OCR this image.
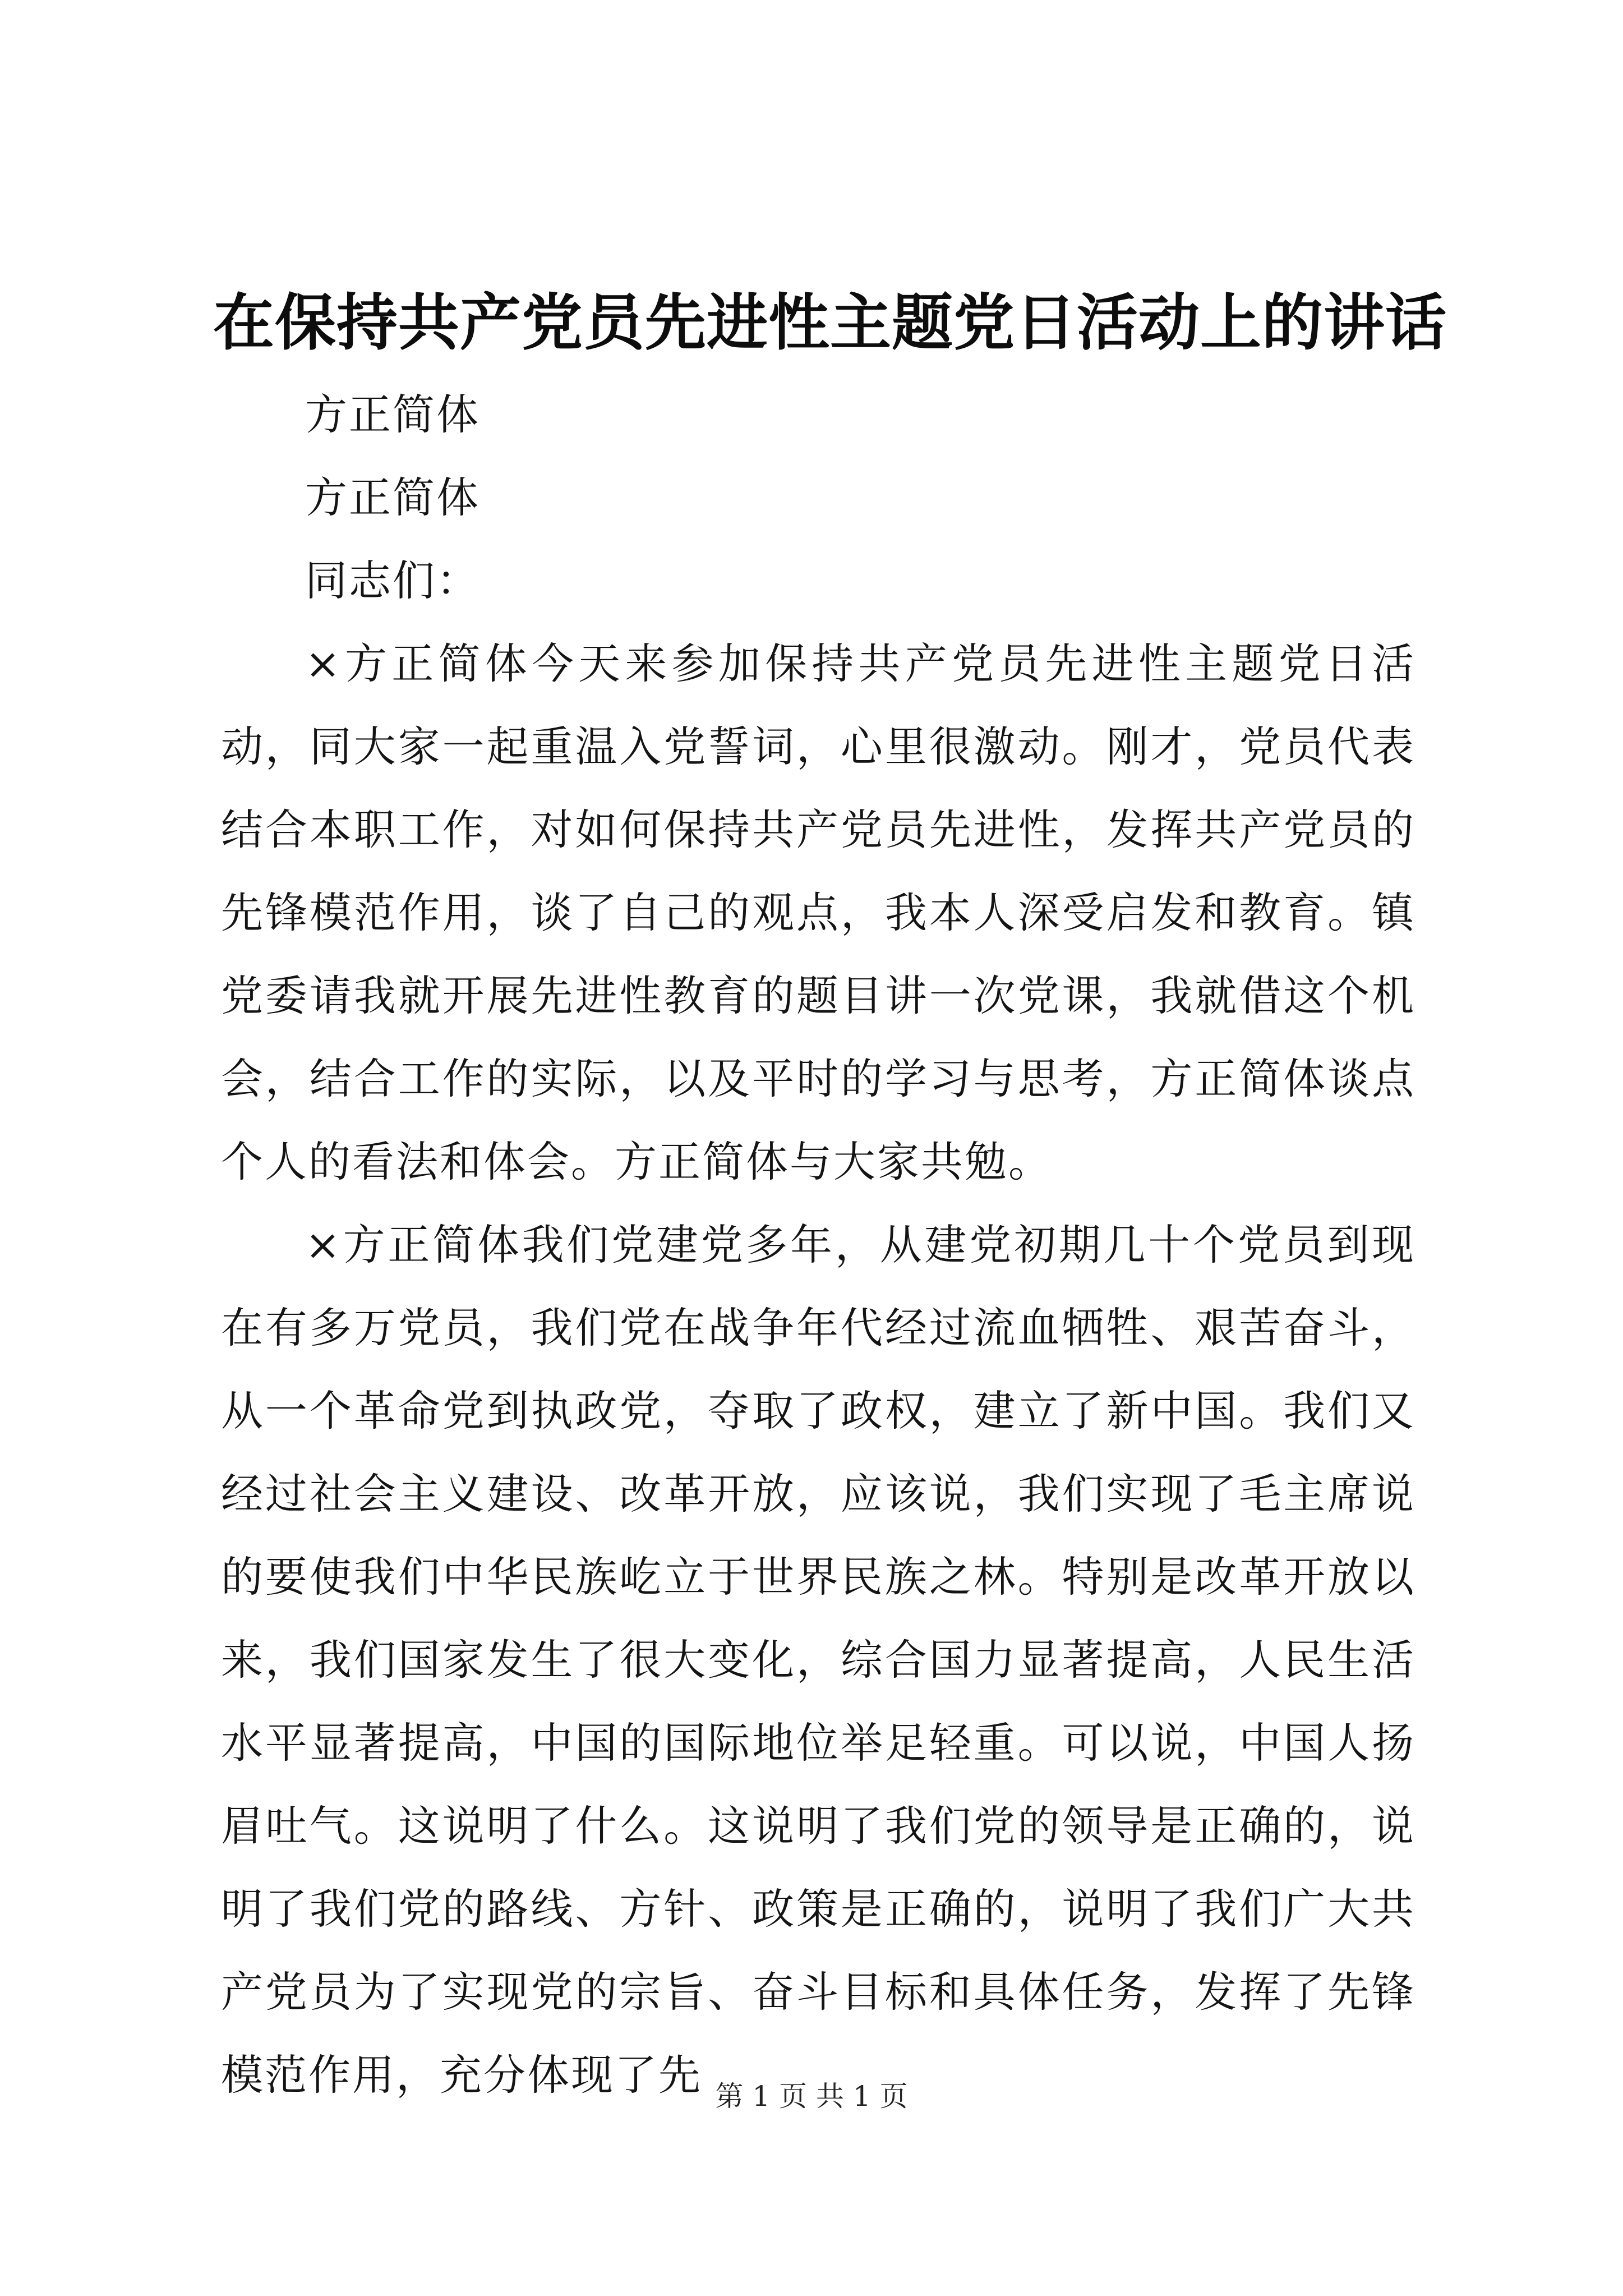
在保持共产党员先进性主题党日活动上的讲话

方正简体

方正简体

同志们：

×方正简体今天来参加保持共产党员先进性主题党日活动，同大家一起重温入党誓词，心里很激动。刚才，党员代表结合本职工作，对如何保持共产党员先进性，发挥共产党员的先锋模范作用，谈了自己的观点，我本人深受启发和教育。镇党委请我就开展先进性教育的题目讲一次党课，我就借这个机会，结合工作的实际，以及平时的学习与思考，方正简体谈点个人的看法和体会。方正简体与大家共勉。

×方正简体我们党建党多年，从建党初期几十个党员到现在有多万党员，我们党在战争年代经过流血牺牲、艰苦奋斗，从一个革命党到执政党，夺取了政权，建立了新中国。我们又经过社会主义建设、改革开放，应该说，我们实现了毛主席说的要使我们中华民族屹立于世界民族之林。特别是改革开放以来，我们国家发生了很大变化，综合国力显著提高，人民生活水平显著提高，中国的国际地位举足轻重。可以说，中国人扬眉吐气。这说明了什么。这说明了我们党的领导是正确的，说明了我们党的路线、方针、政策是正确的，说明了我们广大共产党员为了实现党的宗旨、奋斗目标和具体任务，发挥了先锋模范作用，充分体现了先 第 1 页 共 1 页
